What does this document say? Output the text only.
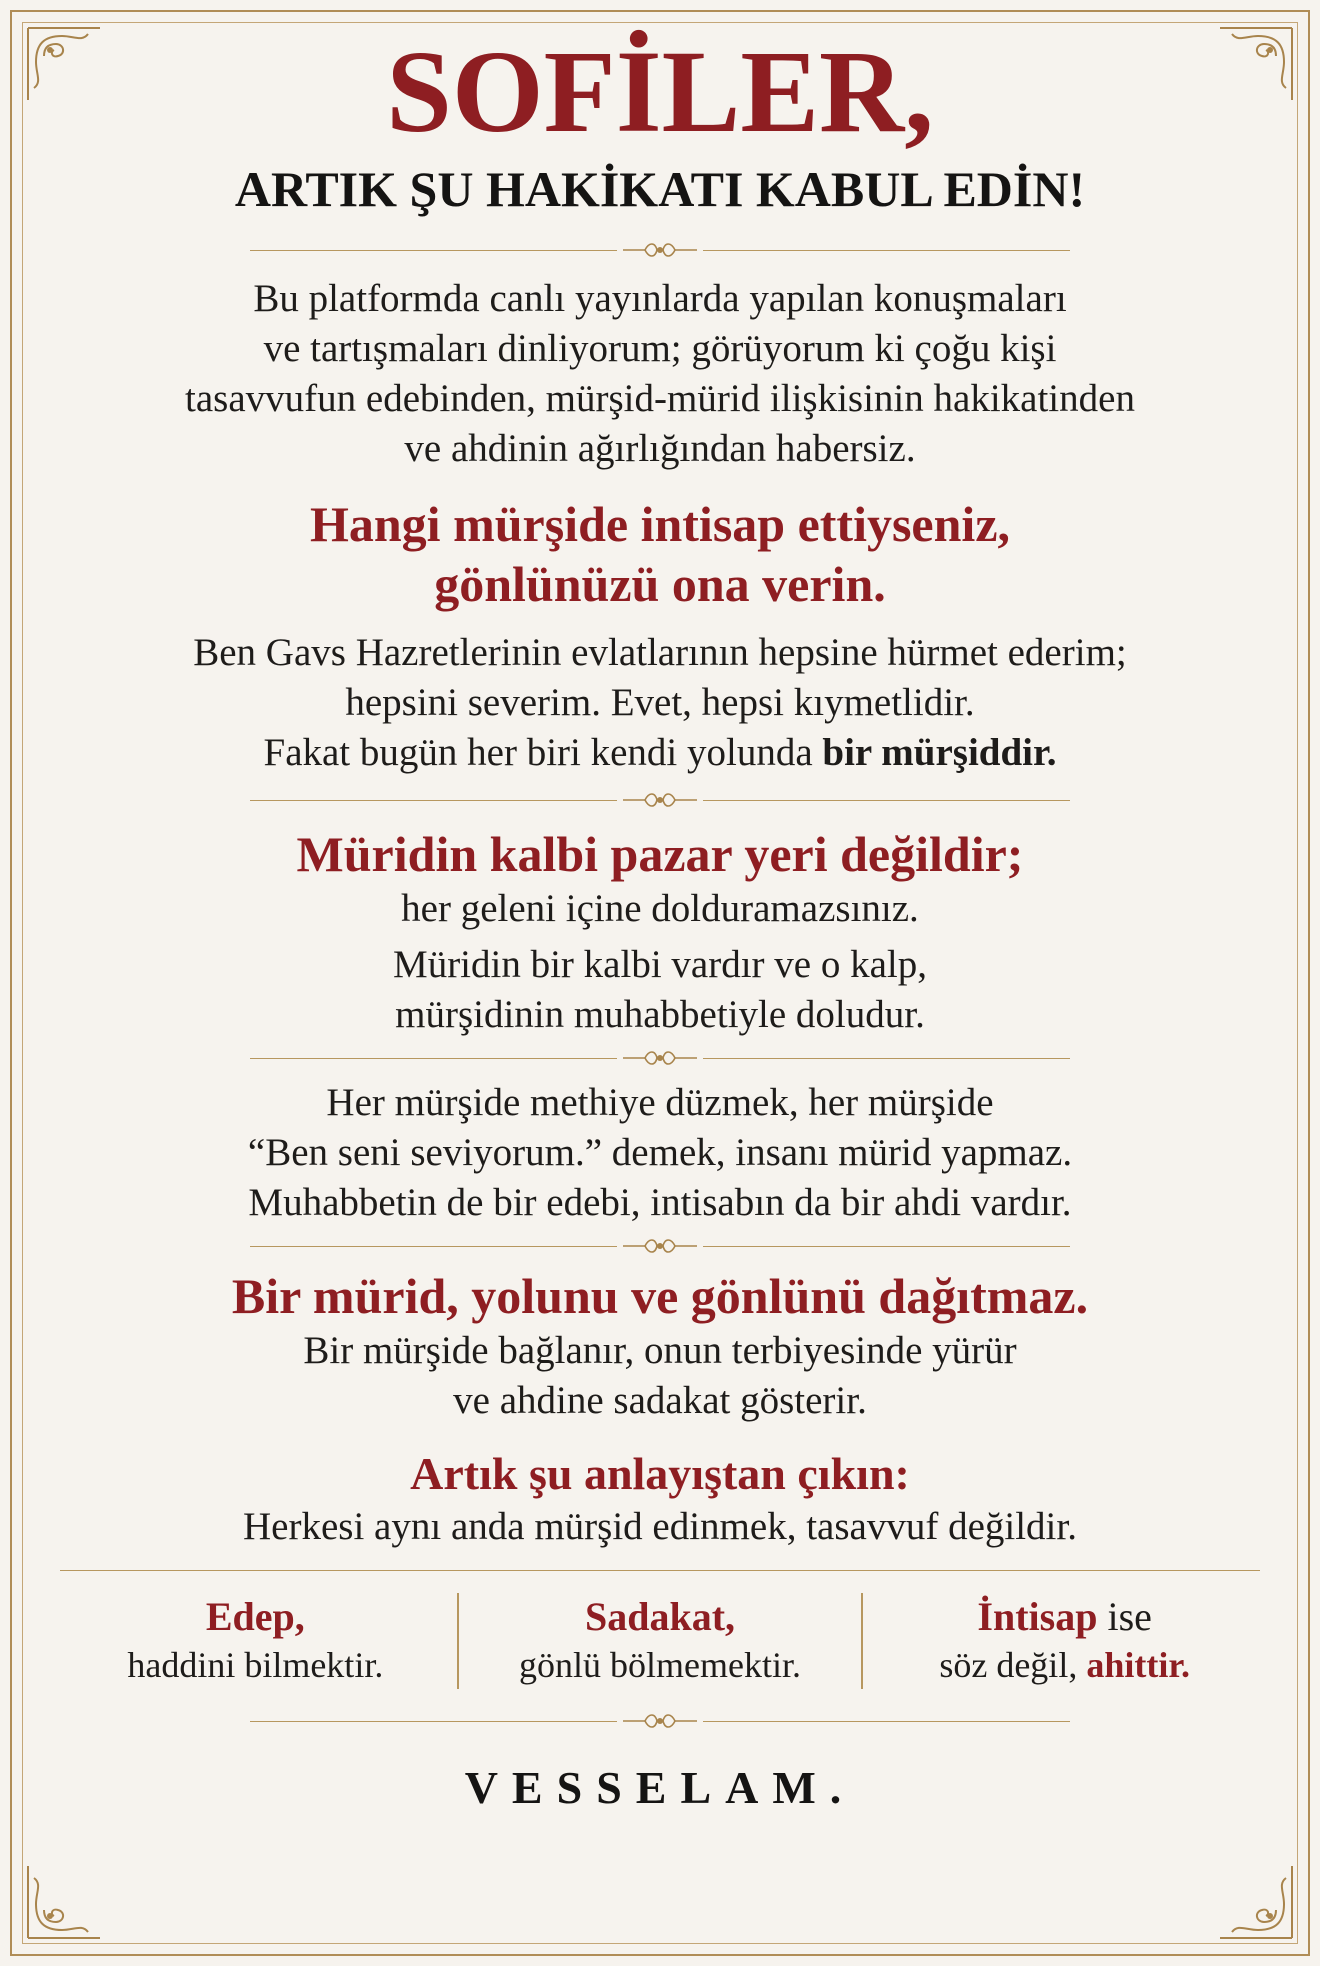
SOFİLER,
ARTIK ŞU HAKİKATI KABUL EDİN!

Bu platformda canlı yayınlarda yapılan konuşmaları

ve tartışmaları dinliyorum; görüyorum ki çoğu kişi

tasavvufun edebinden, mürşid-mürid ilişkisinin hakikatinden

ve ahdinin ağırlığından habersiz.

Hangi mürşide intisap ettiyseniz,

gönlünüzü ona verin.

Ben Gavs Hazretlerinin evlatlarının hepsine hürmet ederim;

hepsini severim. Evet, hepsi kıymetlidir.

Fakat bugün her biri kendi yolunda bir mürşiddir.

Müridin kalbi pazar yeri değildir;

her geleni içine dolduramazsınız.

Müridin bir kalbi vardır ve o kalp,

mürşidinin muhabbetiyle doludur.

Her mürşide methiye düzmek, her mürşide

“Ben seni seviyorum.” demek, insanı mürid yapmaz.

Muhabbetin de bir edebi, intisabın da bir ahdi vardır.

Bir mürid, yolunu ve gönlünü dağıtmaz.

Bir mürşide bağlanır, onun terbiyesinde yürür

ve ahdine sadakat gösterir.

Artık şu anlayıştan çıkın:

Herkesi aynı anda mürşid edinmek, tasavvuf değildir.

Edep,
haddini bilmektir.
Sadakat,
gönlü bölmemektir.
İntisap ise
söz değil, ahittir.
VESSELAM.
